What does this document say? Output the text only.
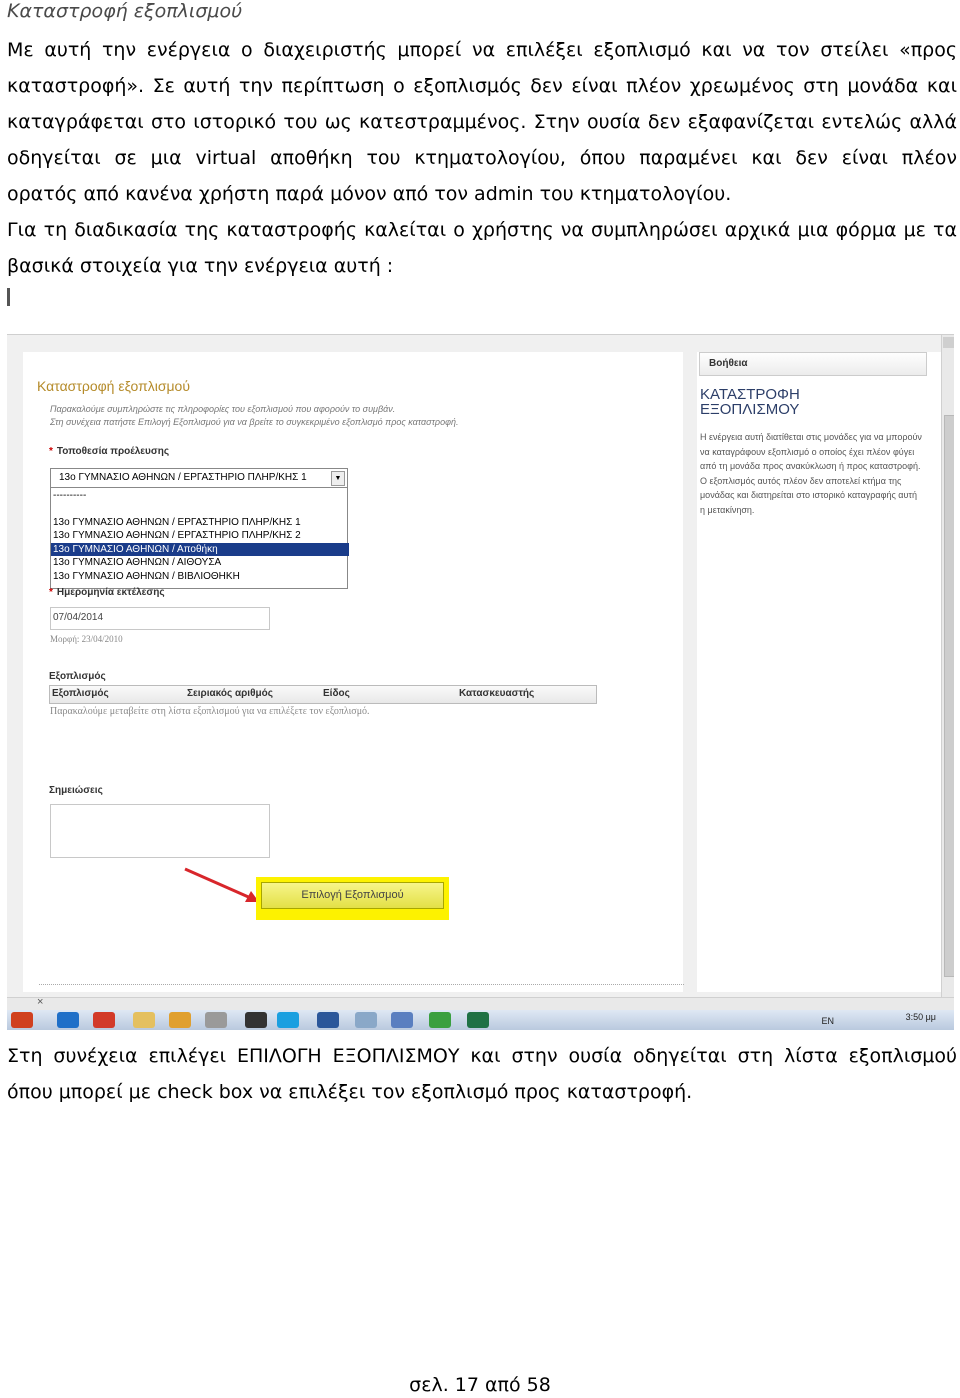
Καταστροφή εξοπλισμού
Με αυτή την ενέργεια ο διαχειριστής μπορεί να επιλέξει εξοπλισμό και να τον στείλει «προς καταστροφή». Σε αυτή την περίπτωση ο εξοπλισμός δεν είναι πλέον χρεωμένος στη μονάδα και καταγράφεται στο ιστορικό του ως κατεστραμμένος. Στην ουσία δεν εξαφανίζεται εντελώς αλλά οδηγείται σε μια virtual αποθήκη του κτηματολογίου, όπου παραμένει και δεν είναι πλέον
ορατός από κανένα χρήστη παρά μόνον από τον admin του κτηματολογίου.
Για τη διαδικασία της καταστροφής καλείται ο χρήστης να συμπληρώσει αρχικά μια φόρμα με τα
βασικά στοιχεία για την ενέργεια αυτή :
Καταστροφή εξοπλισμού
Παρακαλούμε συμπληρώστε τις πληροφορίες του εξοπλισμού που αφορούν το συμβάν.
Στη συνέχεια πατήστε Επιλογή Εξοπλισμού για να βρείτε το συγκεκριμένο εξοπλισμό προς καταστροφή.
* Τοποθεσία προέλευσης
13ο ΓΥΜΝΑΣΙΟ ΑΘΗΝΩΝ / ΕΡΓΑΣΤΗΡΙΟ ΠΛΗΡ/ΚΗΣ 1	▼
----------
13ο ΓΥΜΝΑΣΙΟ ΑΘΗΝΩΝ / ΕΡΓΑΣΤΗΡΙΟ ΠΛΗΡ/ΚΗΣ 1
13ο ΓΥΜΝΑΣΙΟ ΑΘΗΝΩΝ / ΕΡΓΑΣΤΗΡΙΟ ΠΛΗΡ/ΚΗΣ 2
13ο ΓΥΜΝΑΣΙΟ ΑΘΗΝΩΝ / Αποθήκη
13ο ΓΥΜΝΑΣΙΟ ΑΘΗΝΩΝ / ΑΙΘΟΥΣΑ
13ο ΓΥΜΝΑΣΙΟ ΑΘΗΝΩΝ / ΒΙΒΛΙΟΘΗΚΗ
* Ημερομηνία εκτέλεσης
07/04/2014
Μορφή: 23/04/2010
Εξοπλισμός
Εξοπλισμός	Σειριακός αριθμός	Είδος	Κατασκευαστής
Παρακαλούμε μεταβείτε στη λίστα εξοπλισμού για να επιλέξετε τον εξοπλισμό.
Σημειώσεις
Επιλογή Εξοπλισμού
Βοήθεια
ΚΑΤΑΣΤΡΟΦΗ
ΕΞΟΠΛΙΣΜΟΥ
Η ενέργεια αυτή διατίθεται στις μονάδες για να μπορούν να καταγράφουν εξοπλισμό ο οποίος έχει πλέον φύγει από τη μονάδα προς ανακύκλωση ή προς καταστροφή. Ο εξοπλισμός αυτός πλέον δεν αποτελεί κτήμα της μονάδας και διατηρείται στο ιστορικό καταγραφής αυτή η μετακίνηση.
×
EN	3:50 μμ
Στη συνέχεια επιλέγει ΕΠΙΛΟΓΗ ΕΞΟΠΛΙΣΜΟΥ και στην ουσία οδηγείται στη λίστα εξοπλισμού
όπου μπορεί με check box να επιλέξει τον εξοπλισμό προς καταστροφή.
σελ. 17 από 58
